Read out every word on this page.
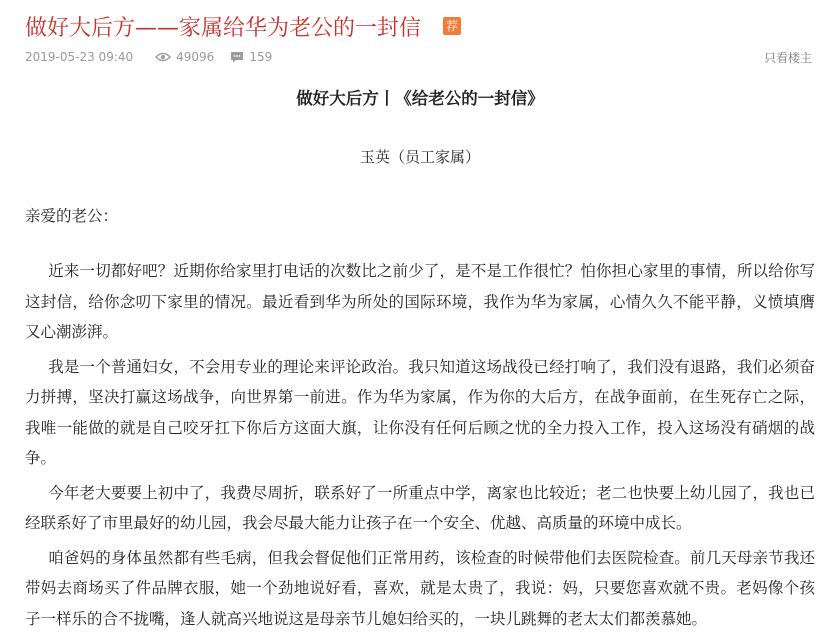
做好大后方——家属给华为老公的一封信 荐
2019-05-23 09:40	49096	159	只看楼主
做好大后方丨《给老公的一封信》
玉英（员工家属）
亲爱的老公：

近来一切都好吧？近期你给家里打电话的次数比之前少了，是不是工作很忙？怕你担心家里的事情，所以给你写这封信，给你念叨下家里的情况。最近看到华为所处的国际环境，我作为华为家属，心情久久不能平静，义愤填膺又心潮澎湃。

我是一个普通妇女，不会用专业的理论来评论政治。我只知道这场战役已经打响了，我们没有退路，我们必须奋力拼搏，坚决打赢这场战争，向世界第一前进。作为华为家属，作为你的大后方，在战争面前，在生死存亡之际，我唯一能做的就是自己咬牙扛下你后方这面大旗，让你没有任何后顾之忧的全力投入工作，投入这场没有硝烟的战争。

今年老大要要上初中了，我费尽周折，联系好了一所重点中学，离家也比较近；老二也快要上幼儿园了，我也已经联系好了市里最好的幼儿园，我会尽最大能力让孩子在一个安全、优越、高质量的环境中成长。

咱爸妈的身体虽然都有些毛病，但我会督促他们正常用药，该检查的时候带他们去医院检查。前几天母亲节我还带妈去商场买了件品牌衣服，她一个劲地说好看，喜欢，就是太贵了，我说：妈，只要您喜欢就不贵。老妈像个孩子一样乐的合不拢嘴，逢人就高兴地说这是母亲节儿媳妇给买的，一块儿跳舞的老太太们都羡慕她。
